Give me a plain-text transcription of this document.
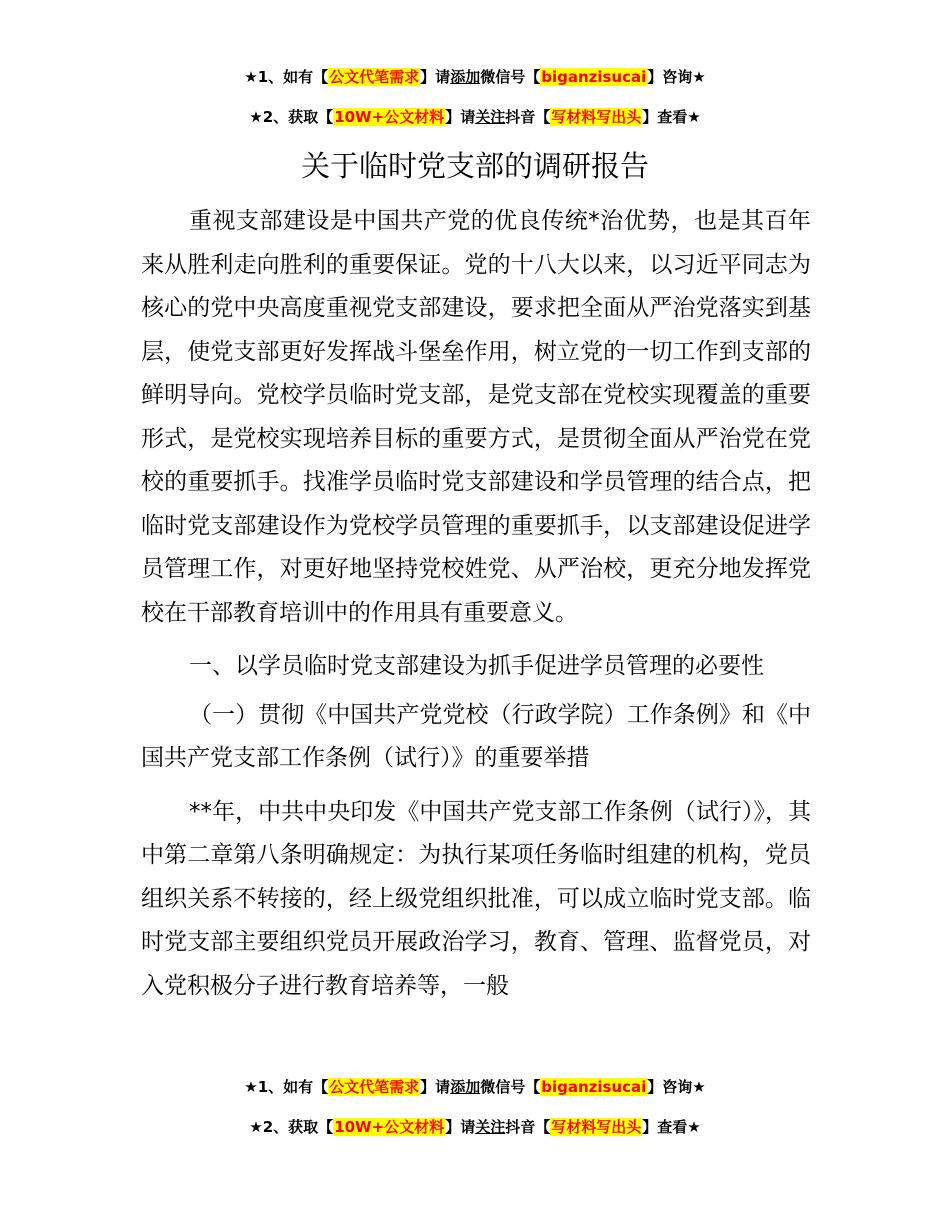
★1、如有【公文代笔需求】请添加微信号【biganzisucai】咨询★
★2、获取【10W+公文材料】请关注抖音【写材料写出头】查看★
关于临时党支部的调研报告

重视支部建设是中国共产党的优良传统*治优势，也是其百年来从胜利走向胜利的重要保证。党的十八大以来，以习近平同志为核心的党中央高度重视党支部建设，要求把全面从严治党落实到基层，使党支部更好发挥战斗堡垒作用，树立党的一切工作到支部的鲜明导向。党校学员临时党支部，是党支部在党校实现覆盖的重要形式，是党校实现培养目标的重要方式，是贯彻全面从严治党在党校的重要抓手。找准学员临时党支部建设和学员管理的结合点，把临时党支部建设作为党校学员管理的重要抓手，以支部建设促进学员管理工作，对更好地坚持党校姓党、从严治校，更充分地发挥党校在干部教育培训中的作用具有重要意义。

一、以学员临时党支部建设为抓手促进学员管理的必要性

（一）贯彻《中国共产党党校（行政学院）工作条例》和《中国共产党支部工作条例（试行）》的重要举措

**年，中共中央印发《中国共产党支部工作条例（试行）》，其中第二章第八条明确规定：为执行某项任务临时组建的机构，党员组织关系不转接的，经上级党组织批准，可以成立临时党支部。临时党支部主要组织党员开展政治学习，教育、管理、监督党员，对入党积极分子进行教育培养等，一般

★1、如有【公文代笔需求】请添加微信号【biganzisucai】咨询★
★2、获取【10W+公文材料】请关注抖音【写材料写出头】查看★
